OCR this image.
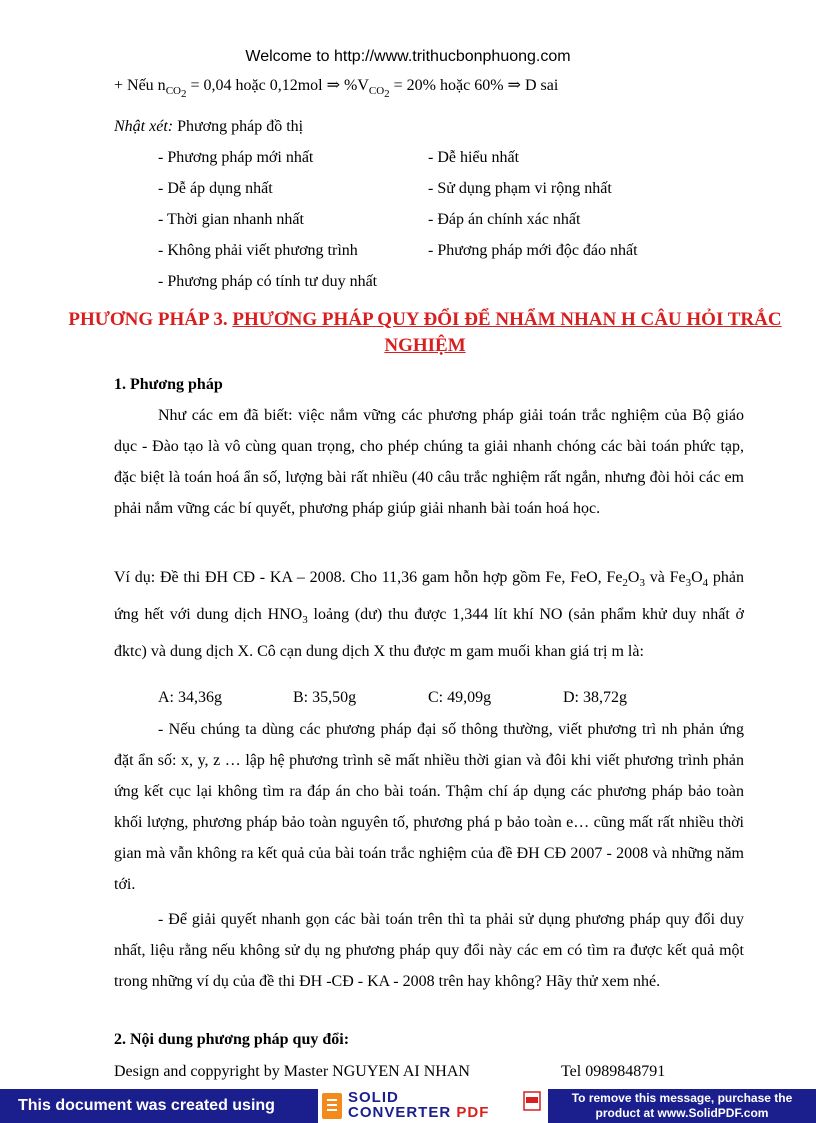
Welcome to http://www.trithucbonphuong.com
+ Nếu $n_{CO_2} = 0,04$ hoặc 0,12mol ⇒ $\%V_{CO_2} = 20\%$ hoặc 60% ⇒ D sai
Nhật xét: Phương pháp đồ thị
- Phương pháp mới nhất
- Dễ áp dụng nhất
- Thời gian nhanh nhất
- Không phải viết phương trình
- Phương pháp có tính tư duy nhất
- Dễ hiểu nhất
- Sử dụng phạm vi rộng nhất
- Đáp án chính xác nhất
- Phương pháp mới độc đáo nhất
PHƯƠNG PHÁP 3. PHƯƠNG PHÁP QUY ĐỔI ĐỂ NHẨM NHAN H CÂU HỎI TRẮC NGHIỆM
1. Phương pháp
Như các em đã biết: việc nắm vững các phương pháp giải toán trắc nghiệm của Bộ giáo dục - Đào tạo là vô cùng quan trọng, cho phép chúng ta giải nhanh chóng các bài toán phức tạp, đặc biệt là toán hoá ẩn số, lượng bài rất nhiều (40 câu trắc nghiệm rất ngắn, nhưng đòi hỏi các em phải nắm vững các bí quyết, phương pháp giúp giải nhanh bài toán hoá học.
Ví dụ: Đề thi ĐH CĐ - KA – 2008. Cho 11,36 gam hỗn hợp gồm Fe, FeO, $Fe_2O_3$ và $Fe_3O_4$ phản ứng hết với dung dịch $HNO_3$ loảng (dư) thu được 1,344 lít khí NO (sản phẩm khử duy nhất ở đktc) và dung dịch X. Cô cạn dung dịch X thu được m gam muối khan giá trị m là:
A: 34,36g	B: 35,50g	C: 49,09g	D: 38,72g
- Nếu chúng ta dùng các phương pháp đại số thông thường, viết phương trì nh phản ứng đặt ẩn số: x, y, z … lập hệ phương trình sẽ mất nhiều thời gian và đôi khi viết phương trình phản ứng kết cục lại không tìm ra đáp án cho bài toán. Thậm chí áp dụng các phương pháp bảo toàn khối lượng, phương pháp bảo toàn nguyên tố, phương phá p bảo toàn e… cũng mất rất nhiều thời gian mà vẫn không ra kết quả của bài toán trắc nghiệm của đề ĐH CĐ 2007 - 2008 và những năm tới.
- Để giải quyết nhanh gọn các bài toán trên thì ta phải sử dụng phương pháp quy đổi duy nhất, liệu rằng nếu không sử dụ ng phương pháp quy đổi này các em có tìm ra được kết quả một trong những ví dụ của đề thi ĐH -CĐ - KA - 2008 trên hay không? Hãy thử xem nhé.
2. Nội dung phương pháp quy đổi:
Design and coppyright by Master NGUYEN AI NHAN	Tel 0989848791
This document was created using	SOLID
CONVERTER PDF
To remove this message, purchase the
product at www.SolidPDF.com
